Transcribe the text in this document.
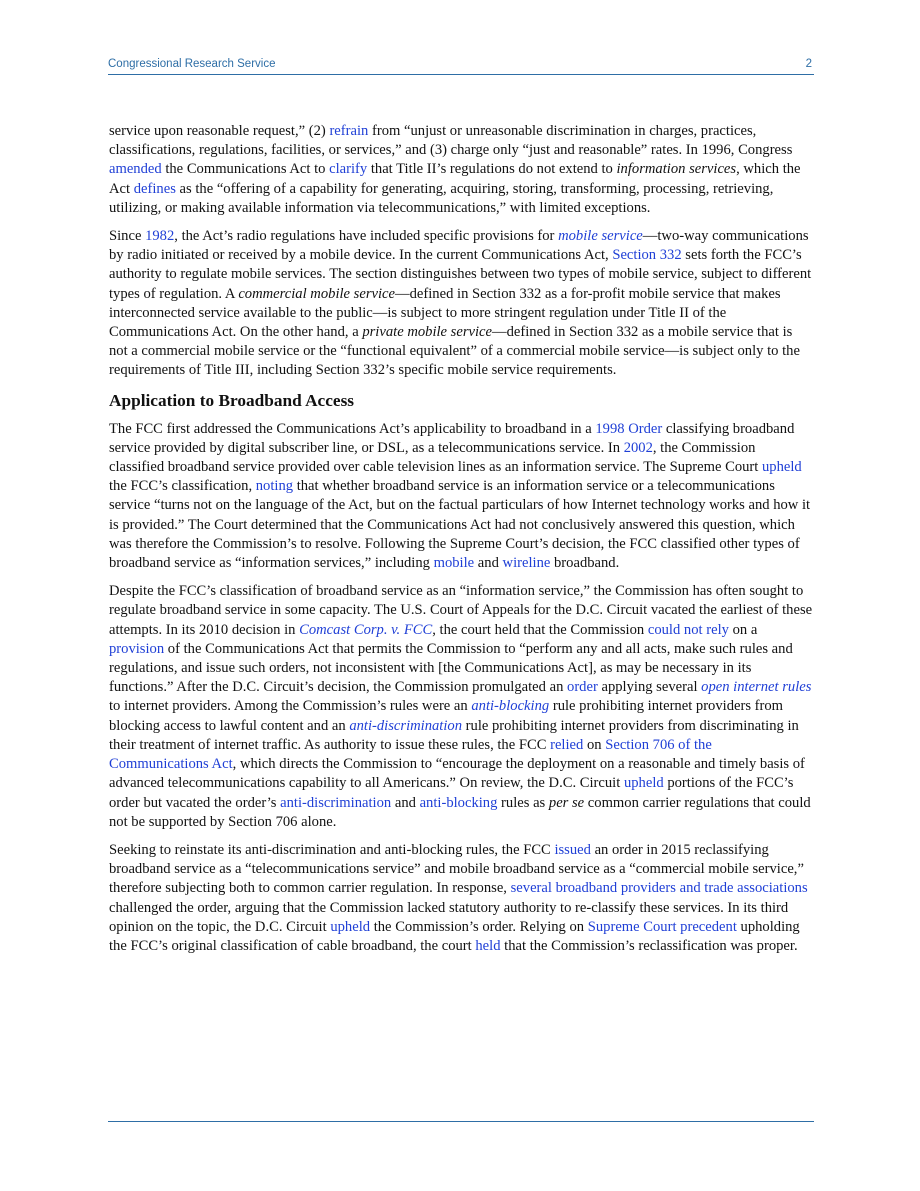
Congressional Research Service	2

service upon reasonable request,” (2) refrain from “unjust or unreasonable discrimination in charges, practices, classifications, regulations, facilities, or services,” and (3) charge only “just and reasonable” rates. In 1996, Congress amended the Communications Act to clarify that Title II’s regulations do not extend to information services, which the Act defines as the “offering of a capability for generating, acquiring, storing, transforming, processing, retrieving, utilizing, or making available information via telecommunications,” with limited exceptions.

Since 1982, the Act’s radio regulations have included specific provisions for mobile service—two-way communications by radio initiated or received by a mobile device. In the current Communications Act, Section 332 sets forth the FCC’s authority to regulate mobile services. The section distinguishes between two types of mobile service, subject to different types of regulation. A commercial mobile service—defined in Section 332 as a for-profit mobile service that makes interconnected service available to the public—is subject to more stringent regulation under Title II of the Communications Act. On the other hand, a private mobile service—defined in Section 332 as a mobile service that is not a commercial mobile service or the “functional equivalent” of a commercial mobile service—is subject only to the requirements of Title III, including Section 332’s specific mobile service requirements.

Application to Broadband Access

The FCC first addressed the Communications Act’s applicability to broadband in a 1998 Order classifying broadband service provided by digital subscriber line, or DSL, as a telecommunications service. In 2002, the Commission classified broadband service provided over cable television lines as an information service. The Supreme Court upheld the FCC’s classification, noting that whether broadband service is an information service or a telecommunications service “turns not on the language of the Act, but on the factual particulars of how Internet technology works and how it is provided.” The Court determined that the Communications Act had not conclusively answered this question, which was therefore the Commission’s to resolve. Following the Supreme Court’s decision, the FCC classified other types of broadband service as “information services,” including mobile and wireline broadband.

Despite the FCC’s classification of broadband service as an “information service,” the Commission has often sought to regulate broadband service in some capacity. The U.S. Court of Appeals for the D.C. Circuit vacated the earliest of these attempts. In its 2010 decision in Comcast Corp. v. FCC, the court held that the Commission could not rely on a provision of the Communications Act that permits the Commission to “perform any and all acts, make such rules and regulations, and issue such orders, not inconsistent with [the Communications Act], as may be necessary in its functions.” After the D.C. Circuit’s decision, the Commission promulgated an order applying several open internet rules to internet providers. Among the Commission’s rules were an anti-blocking rule prohibiting internet providers from blocking access to lawful content and an anti-discrimination rule prohibiting internet providers from discriminating in their treatment of internet traffic. As authority to issue these rules, the FCC relied on Section 706 of the Communications Act, which directs the Commission to “encourage the deployment on a reasonable and timely basis of advanced telecommunications capability to all Americans.” On review, the D.C. Circuit upheld portions of the FCC’s order but vacated the order’s anti-discrimination and anti-blocking rules as per se common carrier regulations that could not be supported by Section 706 alone.

Seeking to reinstate its anti-discrimination and anti-blocking rules, the FCC issued an order in 2015 reclassifying broadband service as a “telecommunications service” and mobile broadband service as a “commercial mobile service,” therefore subjecting both to common carrier regulation. In response, several broadband providers and trade associations challenged the order, arguing that the Commission lacked statutory authority to re-classify these services. In its third opinion on the topic, the D.C. Circuit upheld the Commission’s order. Relying on Supreme Court precedent upholding the FCC’s original classification of cable broadband, the court held that the Commission’s reclassification was proper.
